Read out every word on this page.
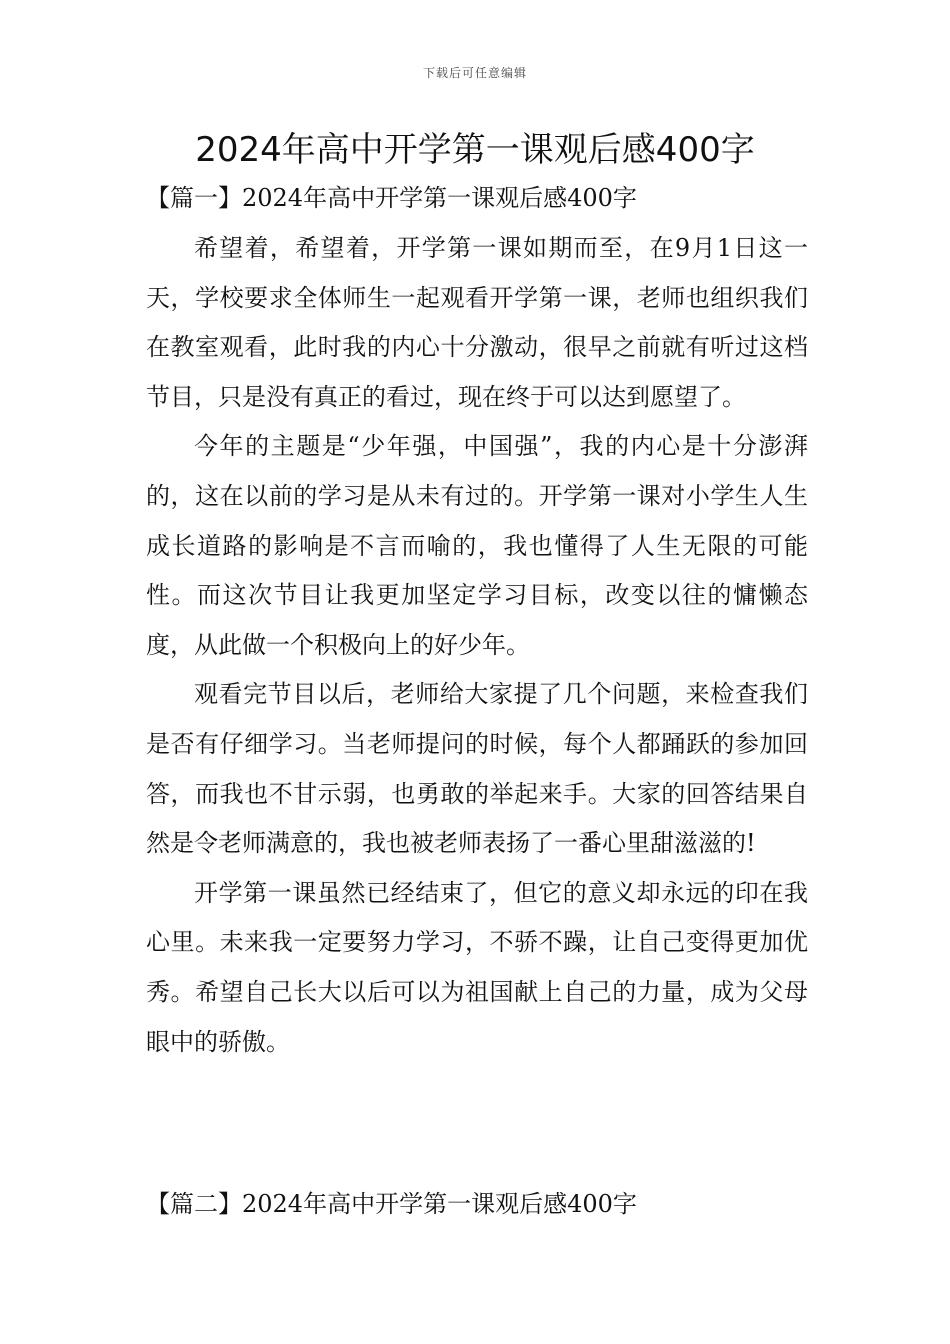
下载后可任意编辑
2024年高中开学第一课观后感400字

【篇一】2024年高中开学第一课观后感400字

希望着，希望着，开学第一课如期而至，在9月1日这一天，学校要求全体师生一起观看开学第一课，老师也组织我们在教室观看，此时我的内心十分激动，很早之前就有听过这档节目，只是没有真正的看过，现在终于可以达到愿望了。

今年的主题是“少年强，中国强”，我的内心是十分澎湃的，这在以前的学习是从未有过的。开学第一课对小学生人生成长道路的影响是不言而喻的，我也懂得了人生无限的可能性。而这次节目让我更加坚定学习目标，改变以往的慵懒态度，从此做一个积极向上的好少年。

观看完节目以后，老师给大家提了几个问题，来检查我们是否有仔细学习。当老师提问的时候，每个人都踊跃的参加回答，而我也不甘示弱，也勇敢的举起来手。大家的回答结果自然是令老师满意的，我也被老师表扬了一番心里甜滋滋的!

开学第一课虽然已经结束了，但它的意义却永远的印在我心里。未来我一定要努力学习，不骄不躁，让自己变得更加优秀。希望自己长大以后可以为祖国献上自己的力量，成为父母眼中的骄傲。

【篇二】2024年高中开学第一课观后感400字
